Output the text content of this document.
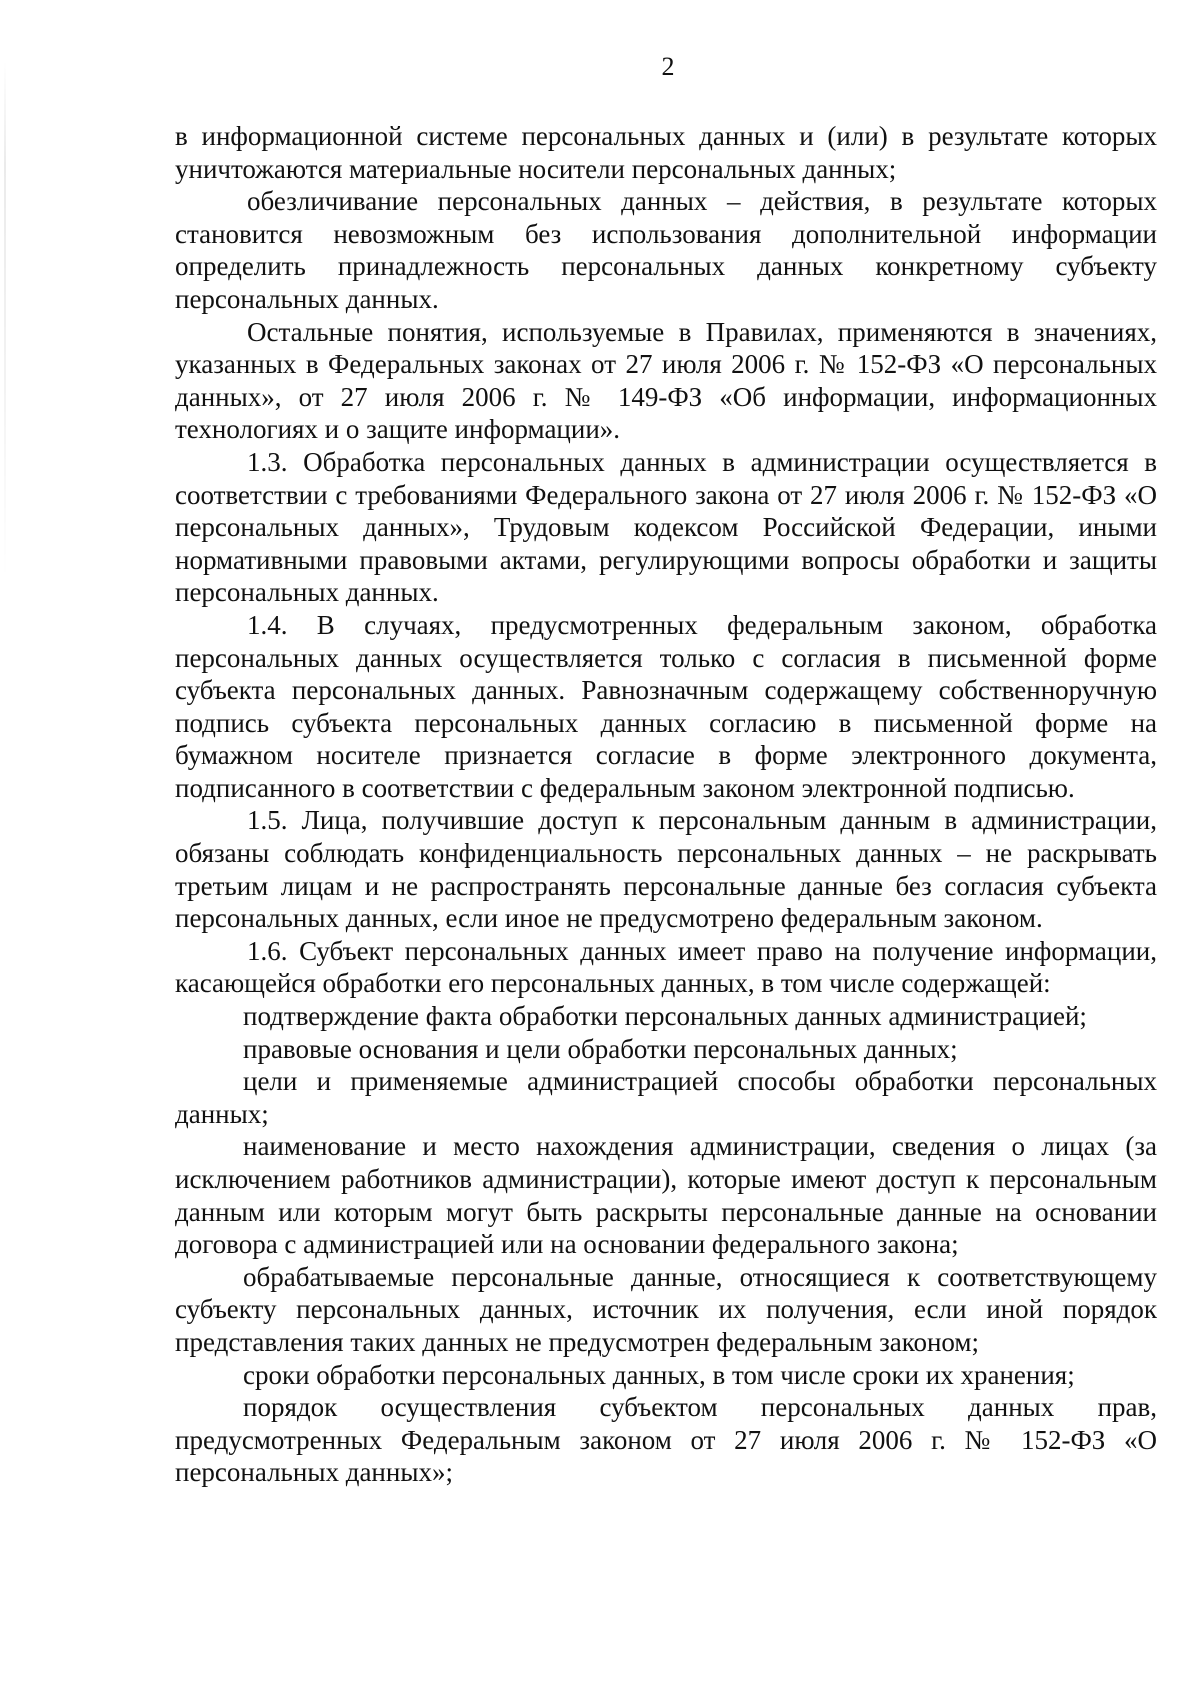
2

в информационной системе персональных данных и (или) в результате которых уничтожаются материальные носители персональных данных;

обезличивание персональных данных – действия, в результате которых становится невозможным без использования дополнительной информации определить принадлежность персональных данных конкретному субъекту персональных данных.

Остальные понятия, используемые в Правилах, применяются в значениях, указанных в Федеральных законах от 27 июля 2006 г. № 152-ФЗ «О персональных данных», от 27 июля 2006 г. № 149-ФЗ «Об информации, информационных технологиях и о защите информации».

1.3. Обработка персональных данных в администрации осуществляется в соответствии с требованиями Федерального закона от 27 июля 2006 г. № 152-ФЗ «О персональных данных», Трудовым кодексом Российской Федерации, иными нормативными правовыми актами, регулирующими вопросы обработки и защиты персональных данных.

1.4. В случаях, предусмотренных федеральным законом, обработка персональных данных осуществляется только с согласия в письменной форме субъекта персональных данных. Равнозначным содержащему собственноручную подпись субъекта персональных данных согласию в письменной форме на бумажном носителе признается согласие в форме электронного документа, подписанного в соответствии с федеральным законом электронной подписью.

1.5. Лица, получившие доступ к персональным данным в администрации, обязаны соблюдать конфиденциальность персональных данных – не раскрывать третьим лицам и не распространять персональные данные без согласия субъекта персональных данных, если иное не предусмотрено федеральным законом.

1.6. Субъект персональных данных имеет право на получение информации, касающейся обработки его персональных данных, в том числе содержащей:

подтверждение факта обработки персональных данных администрацией;

правовые основания и цели обработки персональных данных;

цели и применяемые администрацией способы обработки персональных данных;

наименование и место нахождения администрации, сведения о лицах (за исключением работников администрации), которые имеют доступ к персональным данным или которым могут быть раскрыты персональные данные на основании договора с администрацией или на основании федерального закона;

обрабатываемые персональные данные, относящиеся к соответствующему субъекту персональных данных, источник их получения, если иной порядок представления таких данных не предусмотрен федеральным законом;

сроки обработки персональных данных, в том числе сроки их хранения;

порядок осуществления субъектом персональных данных прав, предусмотренных Федеральным законом от 27 июля 2006 г. № 152-ФЗ «О персональных данных»;
